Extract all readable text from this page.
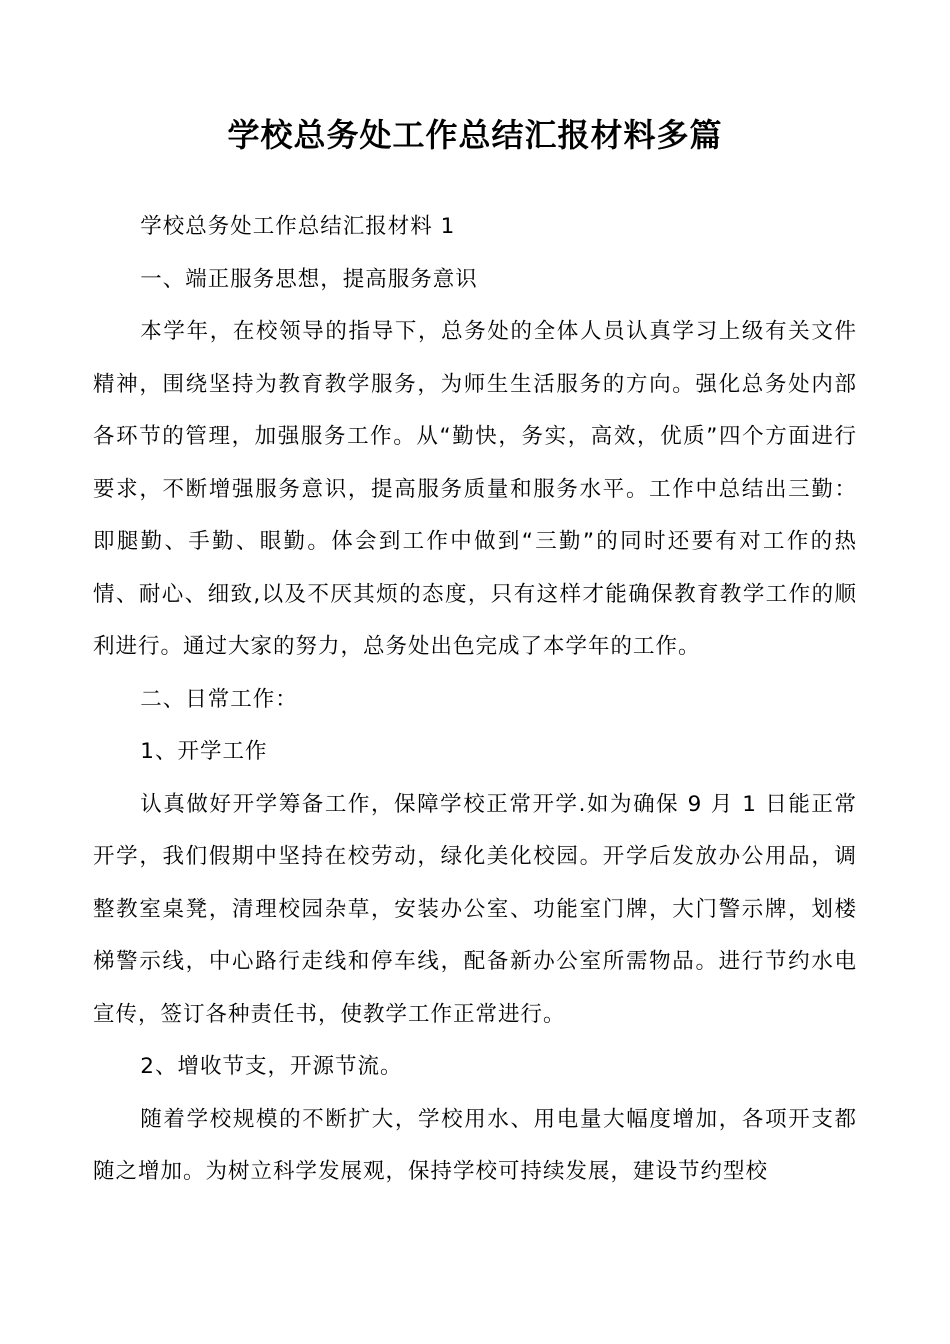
学校总务处工作总结汇报材料多篇

学校总务处工作总结汇报材料 1

一、端正服务思想，提高服务意识

本学年，在校领导的指导下，总务处的全体人员认真学习上级有关文件精神，围绕坚持为教育教学服务，为师生生活服务的方向。强化总务处内部各环节的管理，加强服务工作。从“勤快，务实，高效，优质”四个方面进行要求，不断增强服务意识，提高服务质量和服务水平。工作中总结出三勤：即腿勤、手勤、眼勤。体会到工作中做到“三勤”的同时还要有对工作的热情、耐心、细致,以及不厌其烦的态度，只有这样才能确保教育教学工作的顺利进行。通过大家的努力，总务处出色完成了本学年的工作。

二、日常工作：

1、开学工作

认真做好开学筹备工作，保障学校正常开学.如为确保 9 月 1 日能正常开学，我们假期中坚持在校劳动，绿化美化校园。开学后发放办公用品，调整教室桌凳，清理校园杂草，安装办公室、功能室门牌，大门警示牌，划楼梯警示线，中心路行走线和停车线，配备新办公室所需物品。进行节约水电宣传，签订各种责任书，使教学工作正常进行。

2、增收节支，开源节流。

随着学校规模的不断扩大，学校用水、用电量大幅度增加，各项开支都随之增加。为树立科学发展观，保持学校可持续发展，建设节约型校
